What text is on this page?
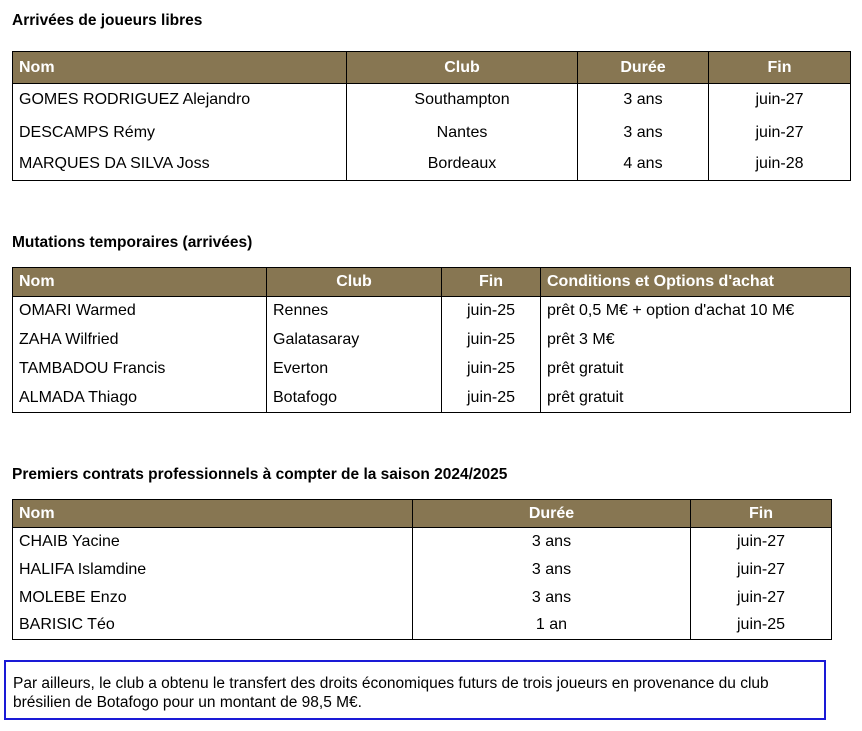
Arrivées de joueurs libres
Nom	Club	Durée	Fin
GOMES RODRIGUEZ Alejandro	Southampton	3 ans	juin-27
DESCAMPS Rémy	Nantes	3 ans	juin-27
MARQUES DA SILVA Joss	Bordeaux	4 ans	juin-28
Mutations temporaires (arrivées)
Nom	Club	Fin	Conditions et Options d'achat
OMARI Warmed	Rennes	juin-25	prêt 0,5 M€ + option d'achat 10 M€
ZAHA Wilfried	Galatasaray	juin-25	prêt 3 M€
TAMBADOU Francis	Everton	juin-25	prêt gratuit
ALMADA Thiago	Botafogo	juin-25	prêt gratuit
Premiers contrats professionnels à compter de la saison 2024/2025
Nom	Durée	Fin
CHAIB Yacine	3 ans	juin-27
HALIFA Islamdine	3 ans	juin-27
MOLEBE Enzo	3 ans	juin-27
BARISIC Téo	1 an	juin-25
Par ailleurs, le club a obtenu le transfert des droits économiques futurs de trois joueurs en provenance du club brésilien de Botafogo pour un montant de 98,5 M€.
